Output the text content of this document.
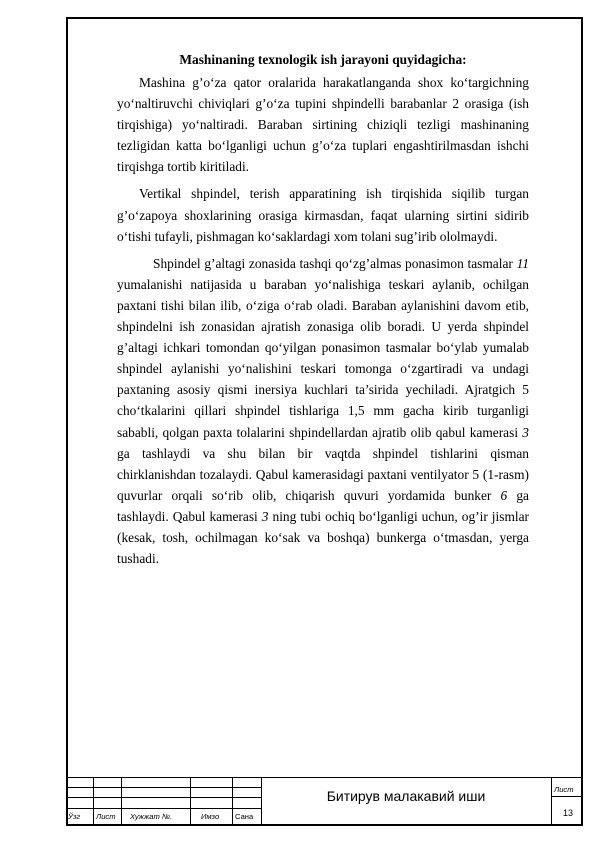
Mashinaning texnologik ish jarayoni quyidagicha:

Mashina g’o‘za qator oralarida harakatlanganda shox ko‘targichning yo‘naltiruvchi chiviqlari g’o‘za tupini shpindelli barabanlar 2 orasiga (ish tirqishiga) yo‘naltiradi. Baraban sirtining chiziqli tezligi mashinaning tezligidan katta bo‘lganligi uchun g’o‘za tuplari engashtirilmasdan ishchi tirqishga tortib kiritiladi.

Vertikal shpindel, terish apparatining ish tirqishida siqilib turgan g’o‘zapoya shoxlarining orasiga kirmasdan, faqat ularning sirtini sidirib o‘tishi tufayli, pishmagan ko‘saklardagi xom tolani sug’irib ololmaydi.

Shpindel g’altagi zonasida tashqi qo‘zg’almas ponasimon tasmalar 11 yumalanishi natijasida u baraban yo‘nalishiga teskari aylanib, ochilgan paxtani tishi bilan ilib, o‘ziga o‘rab oladi. Baraban aylanishini davom etib, shpindelni ish zonasidan ajratish zonasiga olib boradi. U yerda shpindel g’altagi ichkari tomondan qo‘yilgan ponasimon tasmalar bo‘ylab yumalab shpindel aylanishi yo‘nalishini teskari tomonga o‘zgartiradi va undagi paxtaning asosiy qismi inersiya kuchlari ta’sirida yechiladi. Ajratgich 5 cho‘tkalarini qillari shpindel tishlariga 1,5 mm gacha kirib turganligi sababli, qolgan paxta tolalarini shpindellardan ajratib olib qabul kamerasi 3 ga tashlaydi va shu bilan bir vaqtda shpindel tishlarini qisman chirklanishdan tozalaydi. Qabul kamerasidagi paxtani ventilyator 5 (1-rasm) quvurlar orqali so‘rib olib, chiqarish quvuri yordamida bunker 6 ga tashlaydi. Qabul kamerasi 3 ning tubi ochiq bo‘lganligi uchun, og’ir jismlar (kesak, tosh, ochilmagan ko‘sak va boshqa) bunkerga o‘tmasdan, yerga tushadi.

Ўзг Лист Хужжат №.	Имзо Сана
Битирув малакавий иши	Лист
13
